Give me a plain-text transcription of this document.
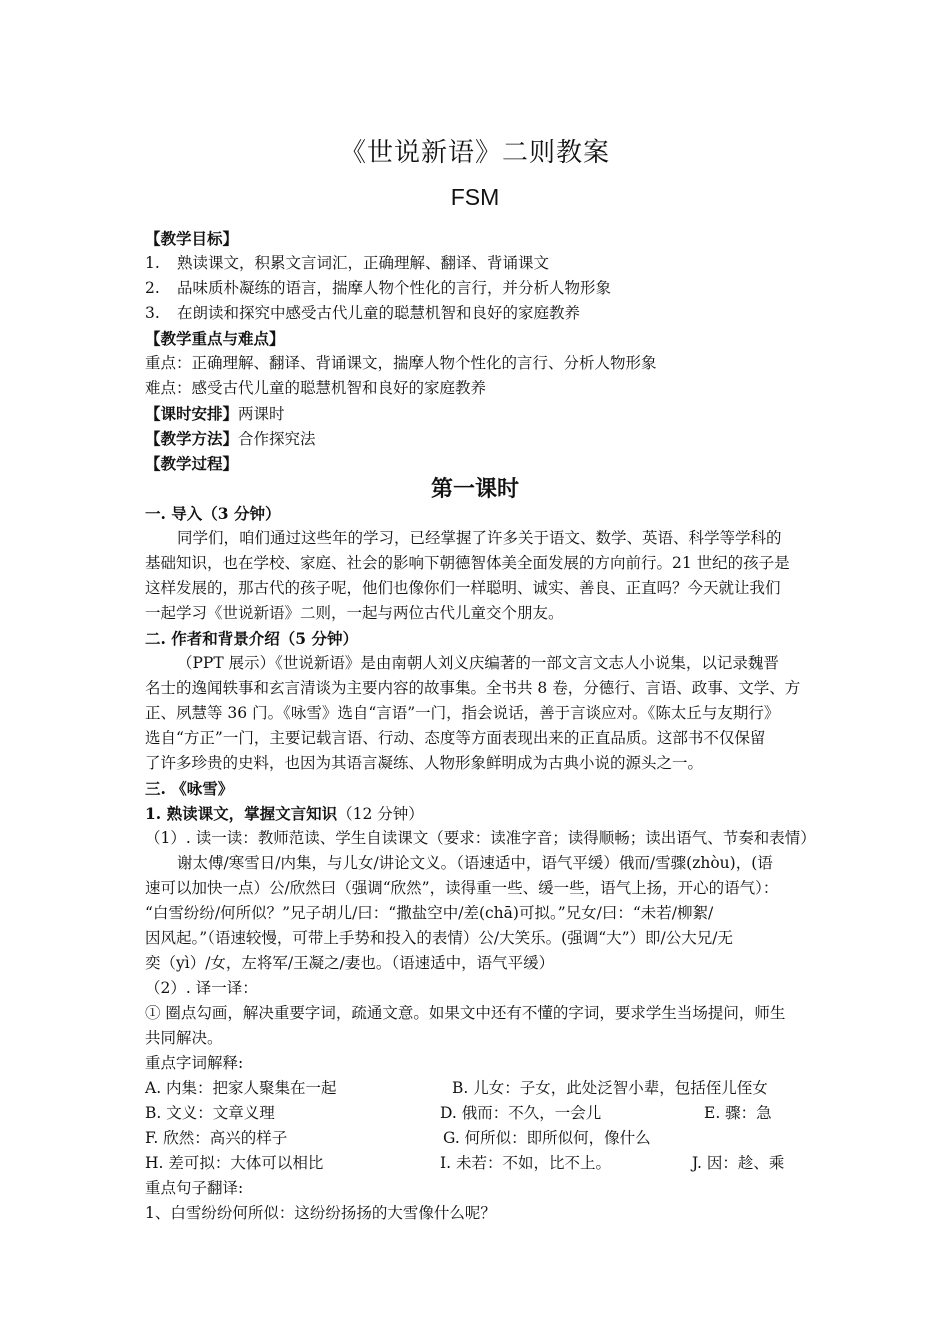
《世说新语》二则教案
FSM
【教学目标】
1. 熟读课文，积累文言词汇，正确理解、翻译、背诵课文
2. 品味质朴凝练的语言，揣摩人物个性化的言行，并分析人物形象
3. 在朗读和探究中感受古代儿童的聪慧机智和良好的家庭教养
【教学重点与难点】
重点：正确理解、翻译、背诵课文，揣摩人物个性化的言行、分析人物形象
难点：感受古代儿童的聪慧机智和良好的家庭教养
【课时安排】两课时
【教学方法】合作探究法
【教学过程】
第一课时
一. 导入（3 分钟）
同学们，咱们通过这些年的学习，已经掌握了许多关于语文、数学、英语、科学等学科的
基础知识，也在学校、家庭、社会的影响下朝德智体美全面发展的方向前行。21 世纪的孩子是
这样发展的，那古代的孩子呢，他们也像你们一样聪明、诚实、善良、正直吗？今天就让我们
一起学习《世说新语》二则，一起与两位古代儿童交个朋友。
二. 作者和背景介绍（5 分钟）
（PPT 展示）《世说新语》是由南朝人刘义庆编著的一部文言文志人小说集，以记录魏晋
名士的逸闻轶事和玄言清谈为主要内容的故事集。全书共 8 卷，分德行、言语、政事、文学、方
正、夙慧等 36 门。《咏雪》选自“言语”一门，指会说话，善于言谈应对。《陈太丘与友期行》
选自“方正”一门，主要记载言语、行动、态度等方面表现出来的正直品质。这部书不仅保留
了许多珍贵的史料，也因为其语言凝练、人物形象鲜明成为古典小说的源头之一。
三. 《咏雪》
1. 熟读课文，掌握文言知识（12 分钟）
（1）. 读一读：教师范读、学生自读课文（要求：读准字音；读得顺畅；读出语气、节奏和表情）
谢太傅/寒雪日/内集，与儿女/讲论文义。（语速适中，语气平缓）俄而/雪骤(zhòu)，(语
速可以加快一点）公/欣然曰（强调“欣然”，读得重一些、缓一些，语气上扬，开心的语气）：
“白雪纷纷/何所似？”兄子胡儿/曰：“撒盐空中/差(chā)可拟。”兄女/曰：“未若/柳絮/
因风起。”（语速较慢，可带上手势和投入的表情）公/大笑乐。(强调“大”）即/公大兄/无
奕（yì）/女，左将军/王凝之/妻也。（语速适中，语气平缓）
（2）. 译一译：
① 圈点勾画，解决重要字词，疏通文意。如果文中还有不懂的字词，要求学生当场提问，师生
共同解决。
重点字词解释:
A. 内集：把家人聚集在一起	B. 儿女：子女，此处泛智小辈，包括侄儿侄女
B. 文义：文章义理	D. 俄而：不久，一会儿	E. 骤：急
F. 欣然：高兴的样子	G. 何所似：即所似何，像什么
H. 差可拟：大体可以相比	I. 未若：不如，比不上。	J. 因：趁、乘
重点句子翻译:
1、白雪纷纷何所似：这纷纷扬扬的大雪像什么呢？
